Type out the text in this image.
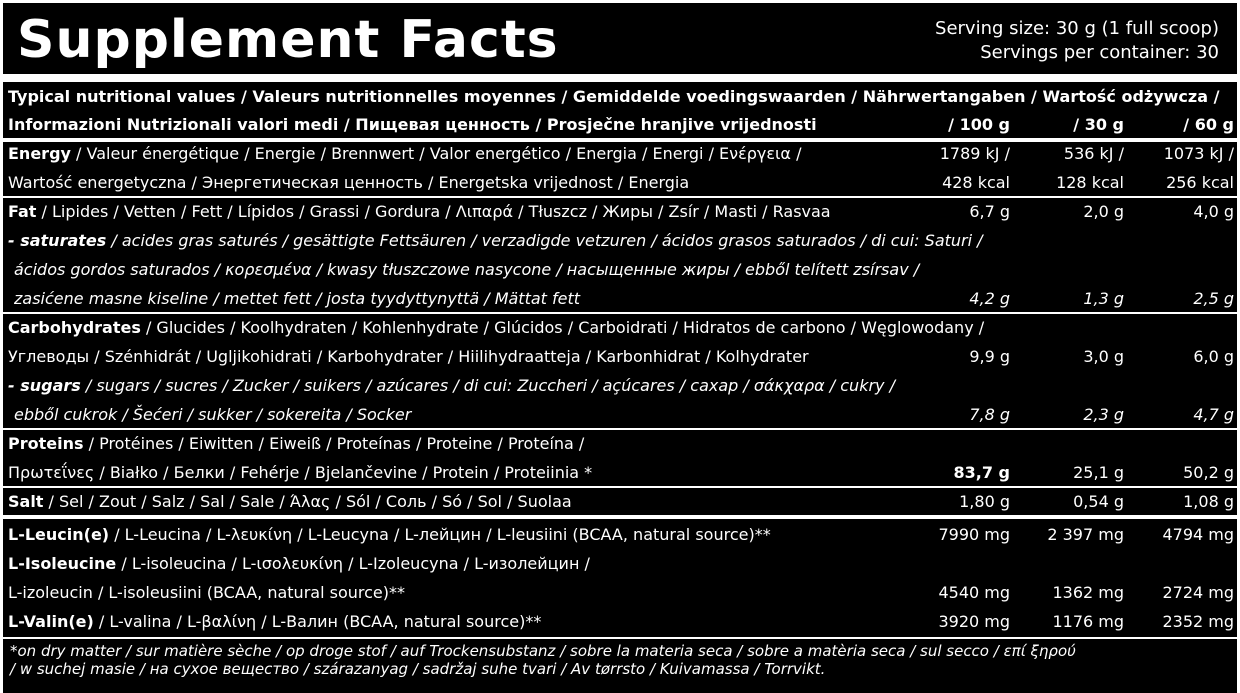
Supplement Facts	Serving size: 30 g (1 full scoop)
Servings per container: 30
Typical nutritional values / Valeurs nutritionnelles moyennes / Gemiddelde voedingswaarden / Nährwertangaben / Wartość odżywcza /
Informazioni Nutrizionali valori medi / Пищевая ценность / Prosječne hranjive vrijednosti	/ 100 g	/ 30 g	/ 60 g
Energy / Valeur énergétique / Energie / Brennwert / Valor energético / Energia / Energi / Ενέργεια /	1789 kJ /	536 kJ / 1073 kJ /
Wartość energetyczna / Энергетическая ценность / Energetska vrijednost / Energia	428 kcal	128 kcal	256 kcal
Fat / Lipides / Vetten / Fett / Lípidos / Grassi / Gordura / Λιπαρά / Tłuszcz / Жиры / Zsír / Masti / Rasvaa	6,7 g	2,0 g	4,0 g
- saturates / acides gras saturés / gesättigte Fettsäuren / verzadigde vetzuren / ácidos grasos saturados / di cui: Saturi /
ácidos gordos saturados / κορεσμένα / kwasy tłuszczowe nasycone / насыщенные жиры / ebből telített zsírsav /
zasićene masne kiseline / mettet fett / josta tyydyttynyttä / Mättat fett	4,2 g	1,3 g	2,5 g
Carbohydrates / Glucides / Koolhydraten / Kohlenhydrate / Glúcidos / Carboidrati / Hidratos de carbono / Węglowodany /
Углеводы / Szénhidrát / Ugljikohidrati / Karbohydrater / Hiilihydraatteja / Karbonhidrat / Kolhydrater	9,9 g	3,0 g	6,0 g
- sugars / sugars / sucres / Zucker / suikers / azúcares / di cui: Zuccheri / açúcares / сахар / σάκχαρα / cukry /
ebből cukrok / Šećeri / sukker / sokereita / Socker	7,8 g	2,3 g	4,7 g
Proteins / Protéines / Eiwitten / Eiweiß / Proteínas / Proteine / Proteína /
Πρωτεΐνες / Białko / Белки / Fehérje / Bjelančevine / Protein / Proteiinia *	83,7 g	25,1 g	50,2 g
Salt / Sel / Zout / Salz / Sal / Sale / Άλας / Sól / Соль / Só / Sol / Suolaa	1,80 g	0,54 g	1,08 g
L-Leucin(e) / L-Leucina / L-λευκίνη / L-Leucyna / L-лейцин / L-leusiini (BCAA, natural source)**	7990 mg 2 397 mg 4794 mg
L-Isoleucine / L-isoleucina / L-ισολευκίνη / L-Izoleucyna / L-изолейцин /
L-izoleucin / L-isoleusiini (BCAA, natural source)**	4540 mg	1362 mg 2724 mg
L-Valin(e) / L-valina / L-βαλίνη / L-Валин (BCAA, natural source)**	3920 mg	1176 mg 2352 mg
*on dry matter / sur matière sèche / op droge stof / auf Trockensubstanz / sobre la materia seca / sobre a matèria seca / sul secco / επί ξηρού
/ w suchej masie / на сухое вещество / szárazanyag / sadržaj suhe tvari / Av tørrsto / Kuivamassa / Torrvikt.
